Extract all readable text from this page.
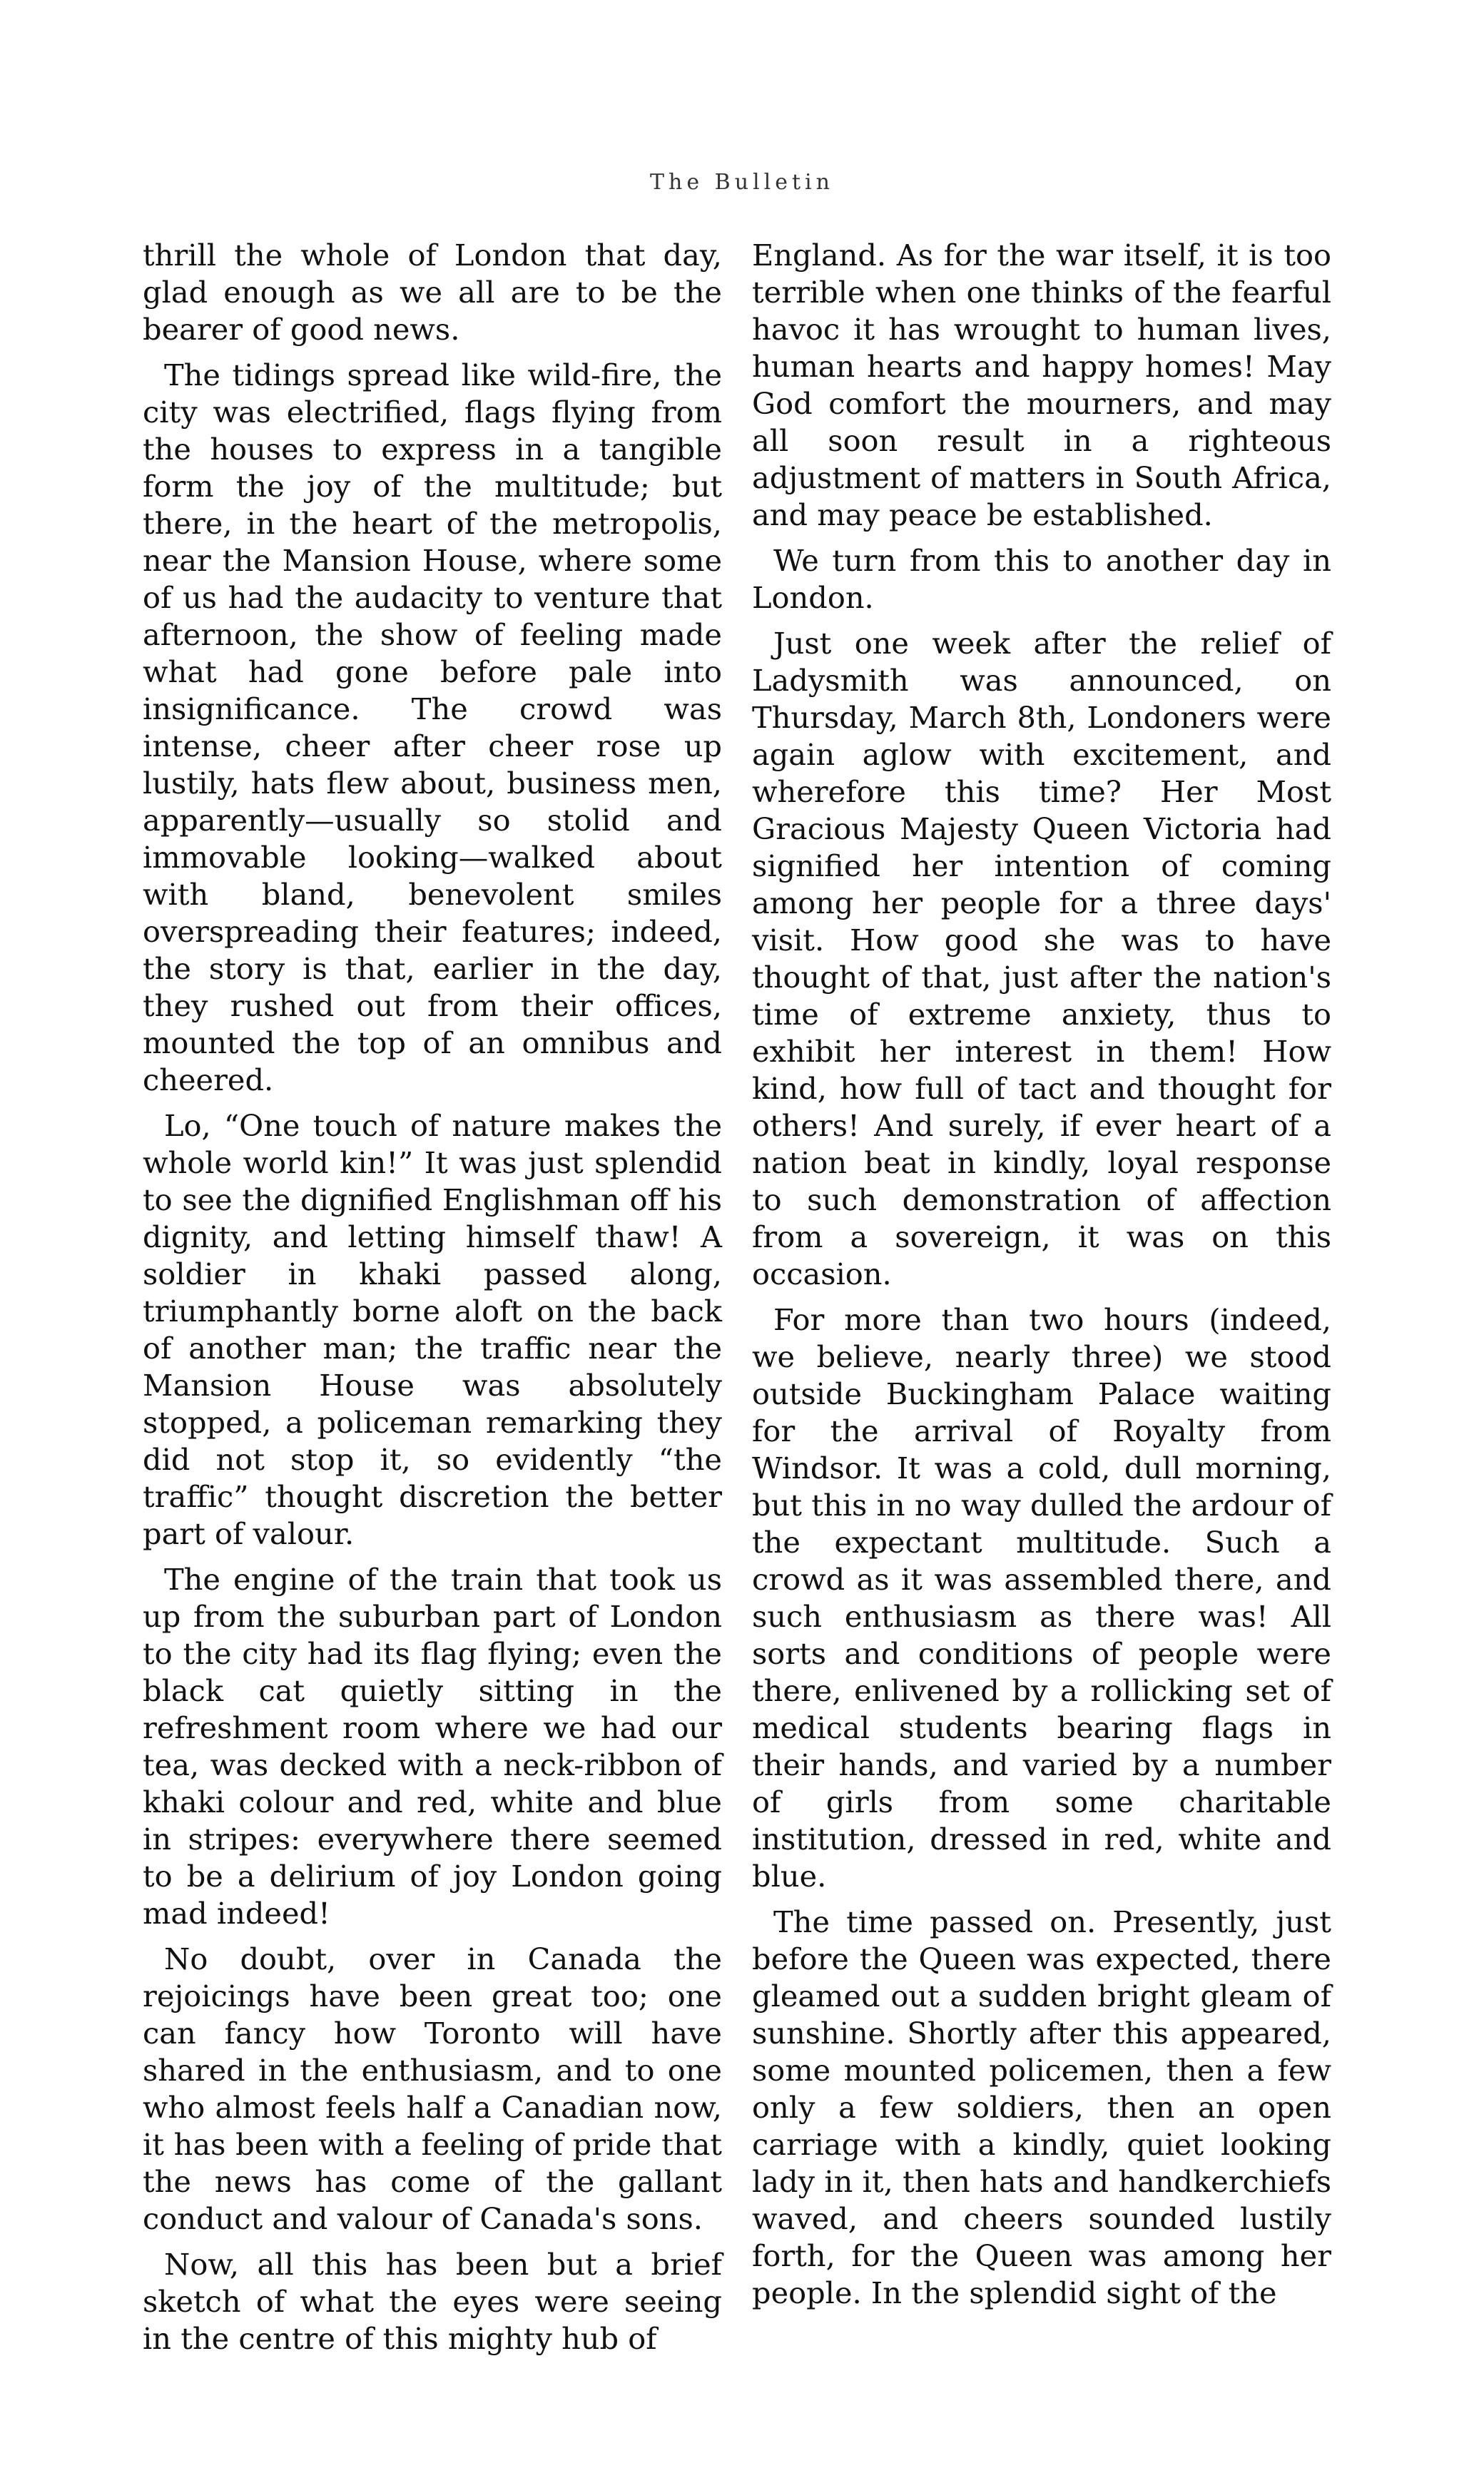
The Bulletin

thrill the whole of London that day, glad enough as we all are to be the bearer of good news.

The tidings spread like wild-fire, the city was electrified, flags flying from the houses to express in a tangible form the joy of the multitude; but there, in the heart of the metropolis, near the Mansion House, where some of us had the audacity to venture that afternoon, the show of feeling made what had gone before pale into insignificance. The crowd was intense, cheer after cheer rose up lustily, hats flew about, business men, apparently—usually so stolid and immovable looking—walked about with bland, benevolent smiles overspreading their features; indeed, the story is that, earlier in the day, they rushed out from their offices, mounted the top of an omnibus and cheered.

Lo, “One touch of nature makes the whole world kin!” It was just splendid to see the dignified Englishman off his dignity, and letting himself thaw! A soldier in khaki passed along, triumphantly borne aloft on the back of another man; the traffic near the Mansion House was absolutely stopped, a policeman remarking they did not stop it, so evidently “the traffic” thought discretion the better part of valour.

The engine of the train that took us up from the suburban part of London to the city had its flag flying; even the black cat quietly sitting in the refreshment room where we had our tea, was decked with a neck-ribbon of khaki colour and red, white and blue in stripes: everywhere there seemed to be a delirium of joy London going mad indeed!

No doubt, over in Canada the rejoicings have been great too; one can fancy how Toronto will have shared in the enthusiasm, and to one who almost feels half a Canadian now, it has been with a feeling of pride that the news has come of the gallant conduct and valour of Canada's sons.

Now, all this has been but a brief sketch of what the eyes were seeing in the centre of this mighty hub of

England. As for the war itself, it is too terrible when one thinks of the fearful havoc it has wrought to human lives, human hearts and happy homes! May God comfort the mourners, and may all soon result in a righteous adjustment of matters in South Africa, and may peace be established.

We turn from this to another day in London.

Just one week after the relief of Ladysmith was announced, on Thursday, March 8th, Londoners were again aglow with excitement, and wherefore this time? Her Most Gracious Majesty Queen Victoria had signified her intention of coming among her people for a three days' visit. How good she was to have thought of that, just after the nation's time of extreme anxiety, thus to exhibit her interest in them! How kind, how full of tact and thought for others! And surely, if ever heart of a nation beat in kindly, loyal response to such demonstration of affection from a sovereign, it was on this occasion.

For more than two hours (indeed, we believe, nearly three) we stood outside Buckingham Palace waiting for the arrival of Royalty from Windsor. It was a cold, dull morning, but this in no way dulled the ardour of the expectant multitude. Such a crowd as it was assembled there, and such enthusiasm as there was! All sorts and conditions of people were there, enlivened by a rollicking set of medical students bearing flags in their hands, and varied by a number of girls from some charitable institution, dressed in red, white and blue.

The time passed on. Presently, just before the Queen was expected, there gleamed out a sudden bright gleam of sunshine. Shortly after this appeared, some mounted policemen, then a few only a few soldiers, then an open carriage with a kindly, quiet looking lady in it, then hats and handkerchiefs waved, and cheers sounded lustily forth, for the Queen was among her people. In the splendid sight of the
